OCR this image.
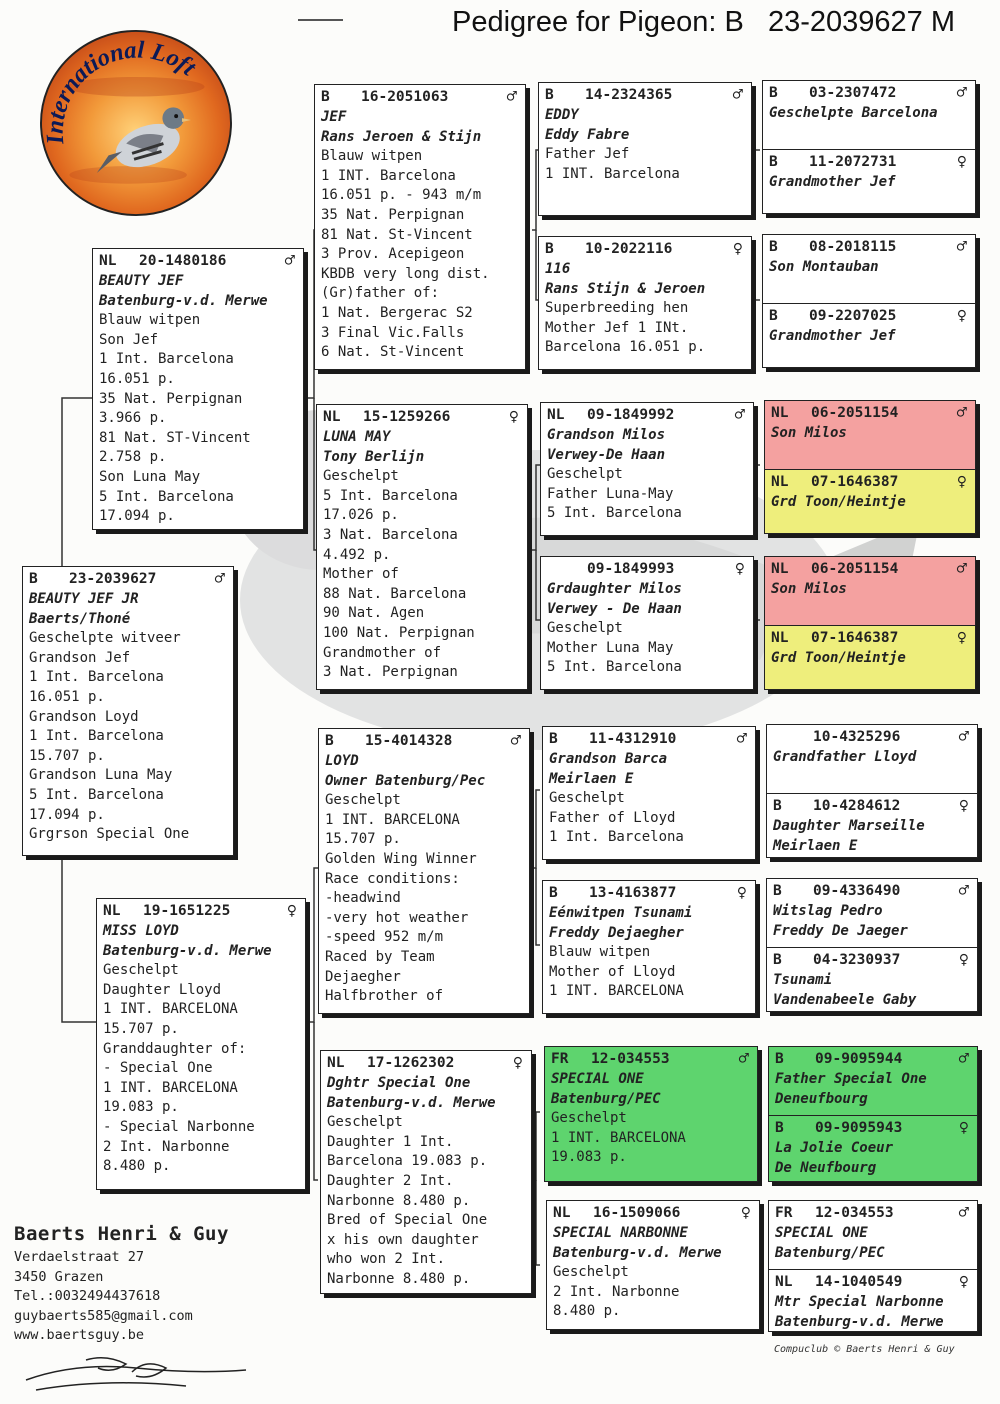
Pedigree for Pigeon: B 23-2039627 M
International Loft
B 23-2039627	♂
BEAUTY JEF JR
Baerts/Thoné
Geschelpte witveer
Grandson Jef
1 Int. Barcelona
16.051 p.
Grandson Loyd
1 Int. Barcelona
15.707 p.
Grandson Luna May
5 Int. Barcelona
17.094 p.
Grgrson Special One
NL 20-1480186	♂
BEAUTY JEF
Batenburg-v.d. Merwe
Blauw witpen
Son Jef
1 Int. Barcelona
16.051 p.
35 Nat. Perpignan
3.966 p.
81 Nat. ST-Vincent
2.758 p.
Son Luna May
5 Int. Barcelona
17.094 p.
NL 19-1651225	♀
MISS LOYD
Batenburg-v.d. Merwe
Geschelpt
Daughter Lloyd
1 INT. BARCELONA
15.707 p.
Granddaughter of:
- Special One
1 INT. BARCELONA
19.083 p.
- Special Narbonne
2 Int. Narbonne
8.480 p.
B 16-2051063	♂
JEF
Rans Jeroen & Stijn
Blauw witpen
1 INT. Barcelona
16.051 p. - 943 m/m
35 Nat. Perpignan
81 Nat. St-Vincent
3 Prov. Acepigeon
KBDB very long dist.
(Gr)father of:
1 Nat. Bergerac S2
3 Final Vic.Falls
6 Nat. St-Vincent
NL 15-1259266	♀
LUNA MAY
Tony Berlijn
Geschelpt
5 Int. Barcelona
17.026 p.
3 Nat. Barcelona
4.492 p.
Mother of
88 Nat. Barcelona
90 Nat. Agen
100 Nat. Perpignan
Grandmother of
3 Nat. Perpignan
B 15-4014328	♂
LOYD
Owner Batenburg/Pec
Geschelpt
1 INT. BARCELONA
15.707 p.
Golden Wing Winner
Race conditions:
-headwind
-very hot weather
-speed 952 m/m
Raced by Team
Dejaegher
Halfbrother of
NL 17-1262302	♀
Dghtr Special One
Batenburg-v.d. Merwe
Geschelpt
Daughter 1 Int.
Barcelona 19.083 p.
Daughter 2 Int.
Narbonne 8.480 p.
Bred of Special One
x his own daughter
who won 2 Int.
Narbonne 8.480 p.
B 14-2324365	♂
EDDY
Eddy Fabre
Father Jef
1 INT. Barcelona
B 10-2022116	♀
116
Rans Stijn & Jeroen
Superbreeding hen
Mother Jef 1 INt.
Barcelona 16.051 p.
NL 09-1849992	♂
Grandson Milos
Verwey-De Haan
Geschelpt
Father Luna-May
5 Int. Barcelona
09-1849993	♀
Grdaughter Milos
Verwey - De Haan
Geschelpt
Mother Luna May
5 Int. Barcelona
B 11-4312910	♂
Grandson Barca
Meirlaen E
Geschelpt
Father of Lloyd
1 Int. Barcelona
B 13-4163877	♀
Eénwitpen Tsunami
Freddy Dejaegher
Blauw witpen
Mother of Lloyd
1 INT. BARCELONA
FR 12-034553	♂
SPECIAL ONE
Batenburg/PEC
Geschelpt
1 INT. BARCELONA
19.083 p.
NL 16-1509066	♀
SPECIAL NARBONNE
Batenburg-v.d. Merwe
Geschelpt
2 Int. Narbonne
8.480 p.
B 03-2307472	♂
Geschelpte Barcelona
B 11-2072731	♀
Grandmother Jef
B 08-2018115	♂
Son Montauban
B 09-2207025	♀
Grandmother Jef
NL 06-2051154	♂
Son Milos
NL 07-1646387	♀
Grd Toon/Heintje
NL 06-2051154	♂
Son Milos
NL 07-1646387	♀
Grd Toon/Heintje
10-4325296	♂
Grandfather Lloyd
B 10-4284612	♀
Daughter Marseille
Meirlaen E
B 09-4336490	♂
Witslag Pedro
Freddy De Jaeger
B 04-3230937	♀
Tsunami
Vandenabeele Gaby
B 09-9095944	♂
Father Special One
Deneufbourg
B 09-9095943	♀
La Jolie Coeur
De Neufbourg
FR 12-034553	♂
SPECIAL ONE
Batenburg/PEC
NL 14-1040549	♀
Mtr Special Narbonne
Batenburg-v.d. Merwe
Baerts Henri & Guy
Verdaelstraat 27
3450 Grazen
Tel.:0032494437618
guybaerts585@gmail.com
www.baertsguy.be
Compuclub © Baerts Henri & Guy
